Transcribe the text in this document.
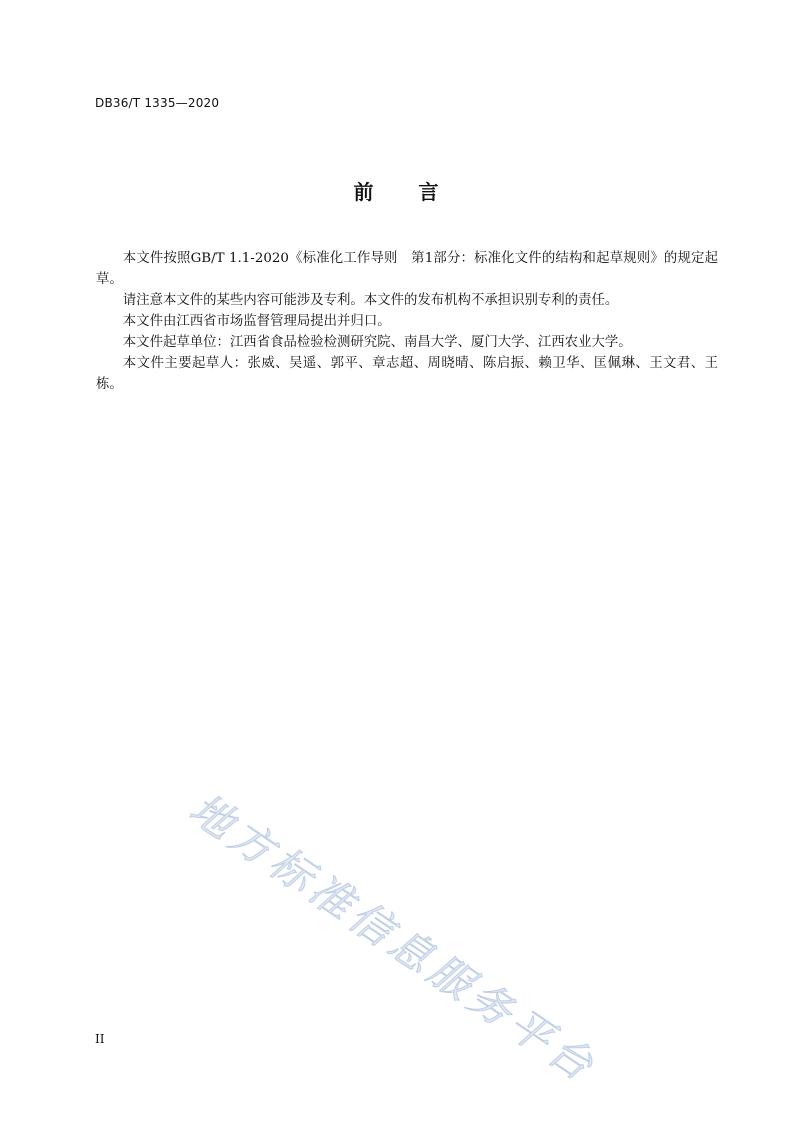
DB36/T 1335—2020
前 言

本文件按照GB/T 1.1-2020《标准化工作导则　第1部分：标准化文件的结构和起草规则》的规定起草。

请注意本文件的某些内容可能涉及专利。本文件的发布机构不承担识别专利的责任。

本文件由江西省市场监督管理局提出并归口。

本文件起草单位：江西省食品检验检测研究院、南昌大学、厦门大学、江西农业大学。

本文件主要起草人：张威、吴遥、郭平、章志超、周晓晴、陈启振、赖卫华、匡佩琳、王文君、王栋。

地方标准信息服务平台
II
